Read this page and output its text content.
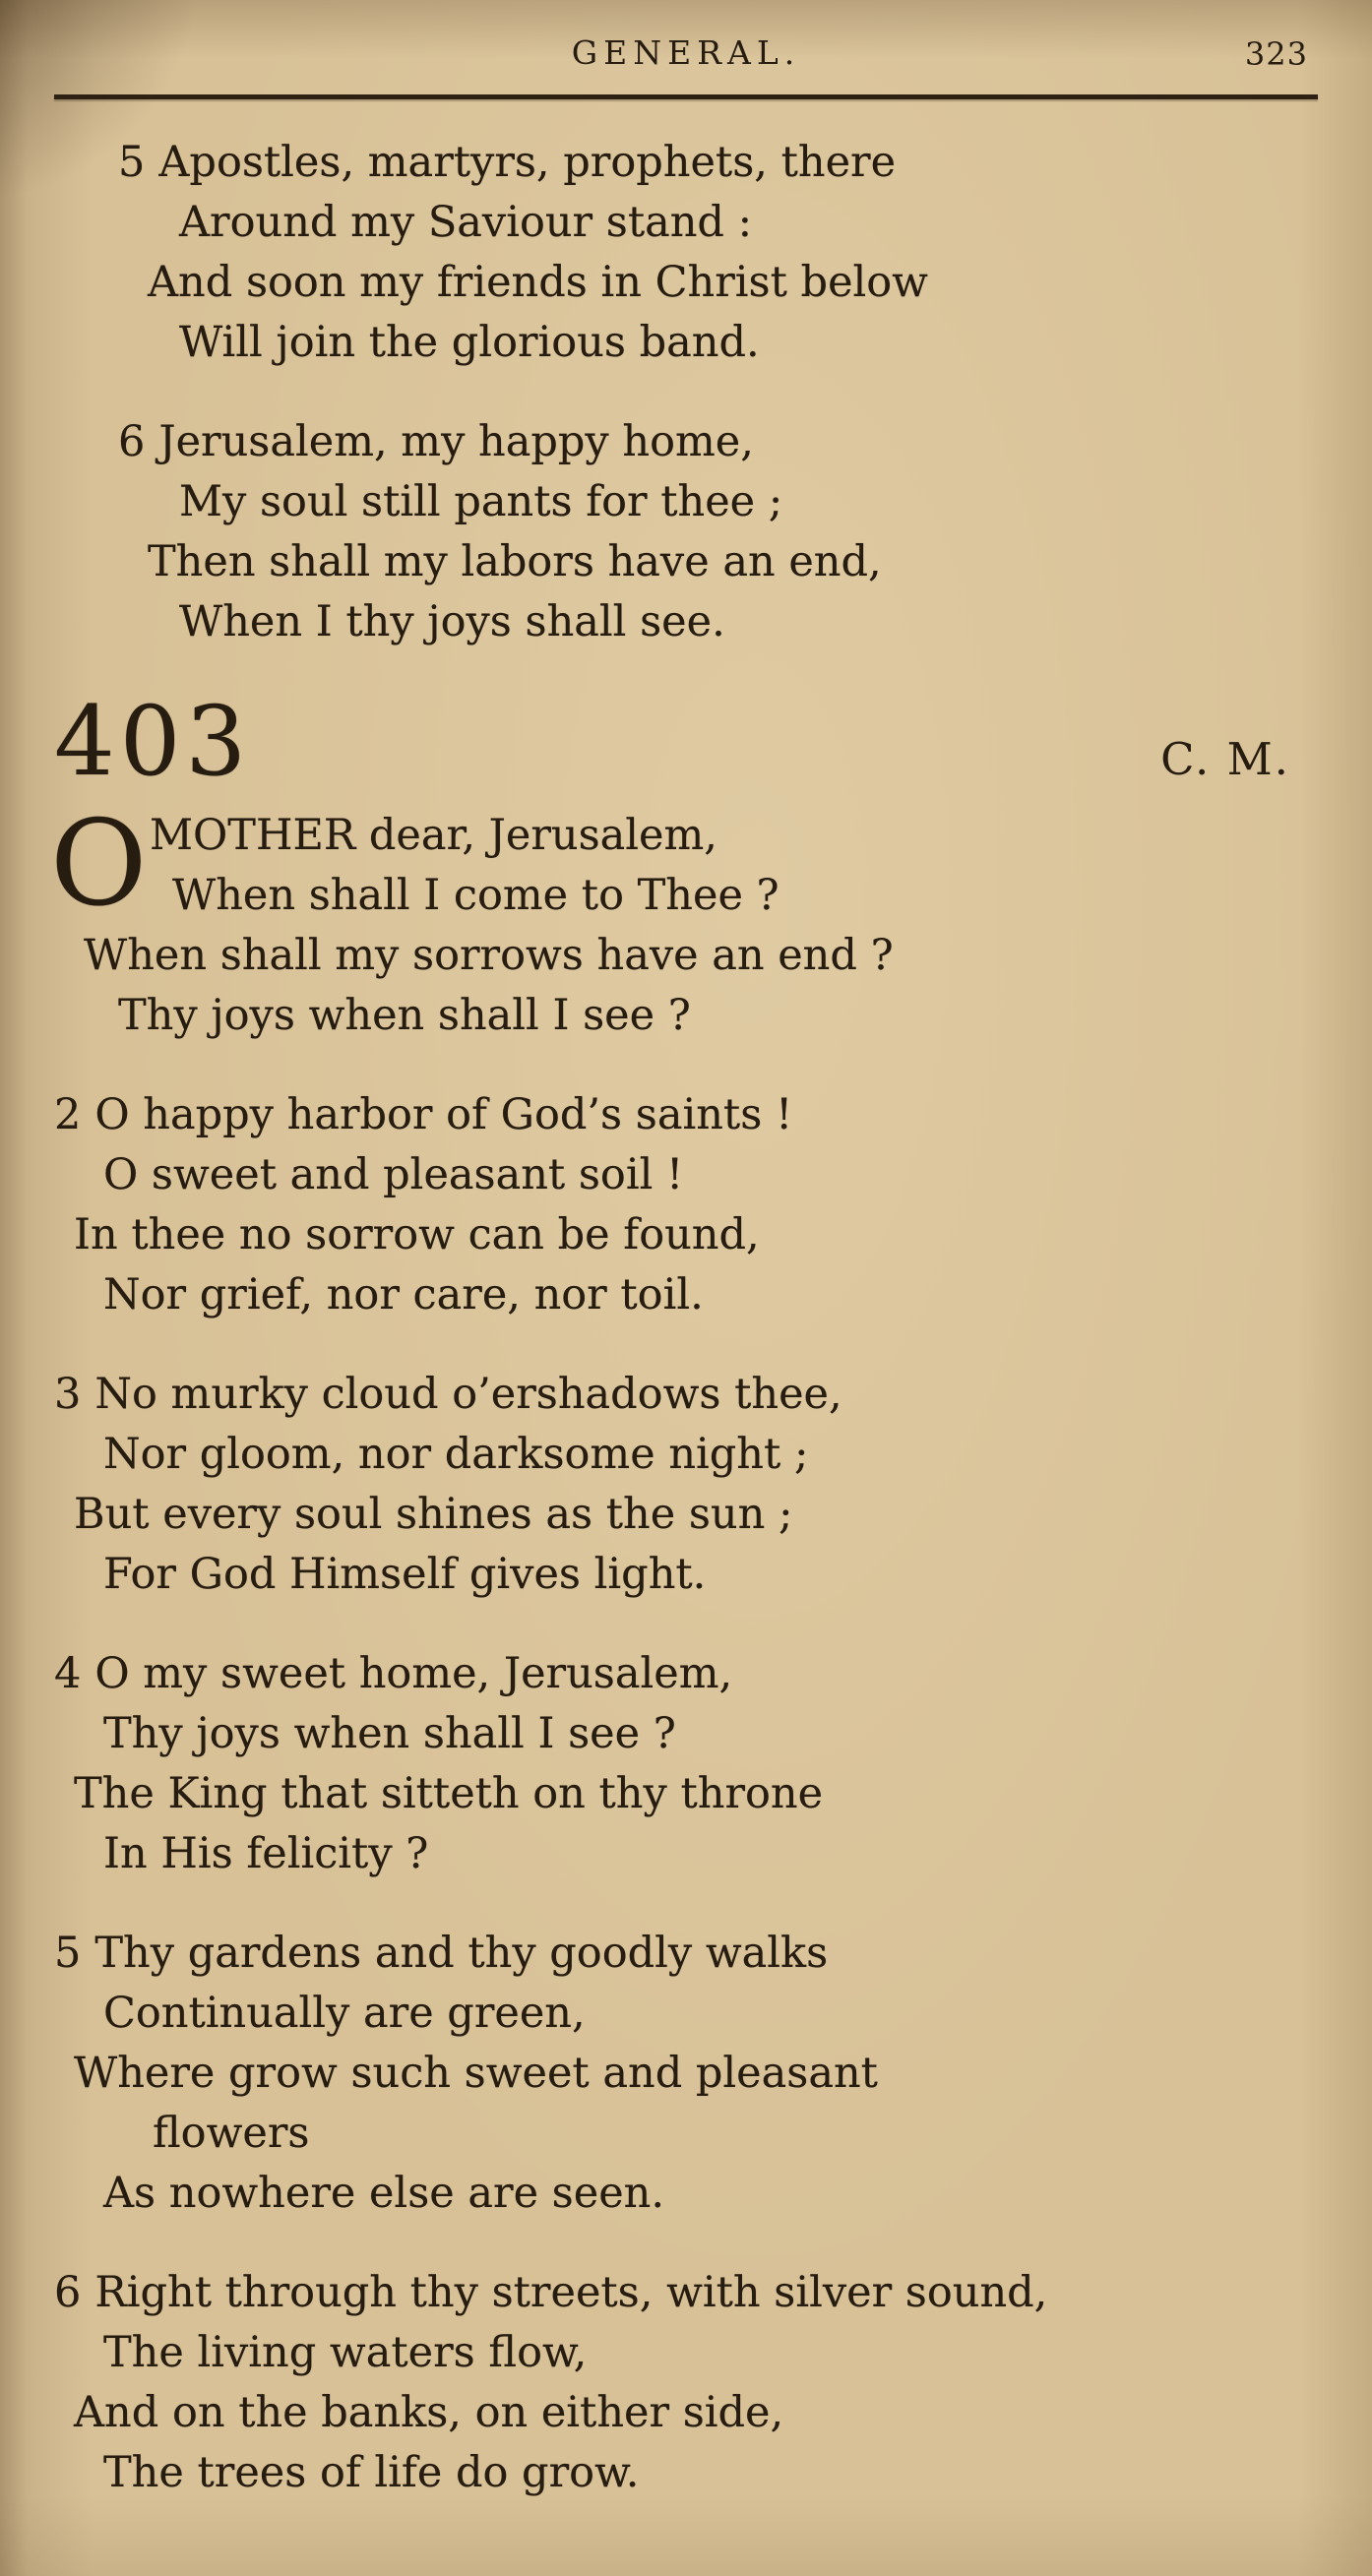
GENERAL.	323
5 Apostles, martyrs, prophets, there
Around my Saviour stand :
And soon my friends in Christ below
Will join the glorious band.
6 Jerusalem, my happy home,
My soul still pants for thee ;
Then shall my labors have an end,
When I thy joys shall see.
403	C. M.
O MOTHER dear, Jerusalem,
When shall I come to Thee ?
When shall my sorrows have an end ?
Thy joys when shall I see ?
2 O happy harbor of God’s saints !
O sweet and pleasant soil !
In thee no sorrow can be found,
Nor grief, nor care, nor toil.
3 No murky cloud o’ershadows thee,
Nor gloom, nor darksome night ;
But every soul shines as the sun ;
For God Himself gives light.
4 O my sweet home, Jerusalem,
Thy joys when shall I see ?
The King that sitteth on thy throne
In His felicity ?
5 Thy gardens and thy goodly walks
Continually are green,
Where grow such sweet and pleasant
flowers
As nowhere else are seen.
6 Right through thy streets, with silver sound,
The living waters flow,
And on the banks, on either side,
The trees of life do grow.
